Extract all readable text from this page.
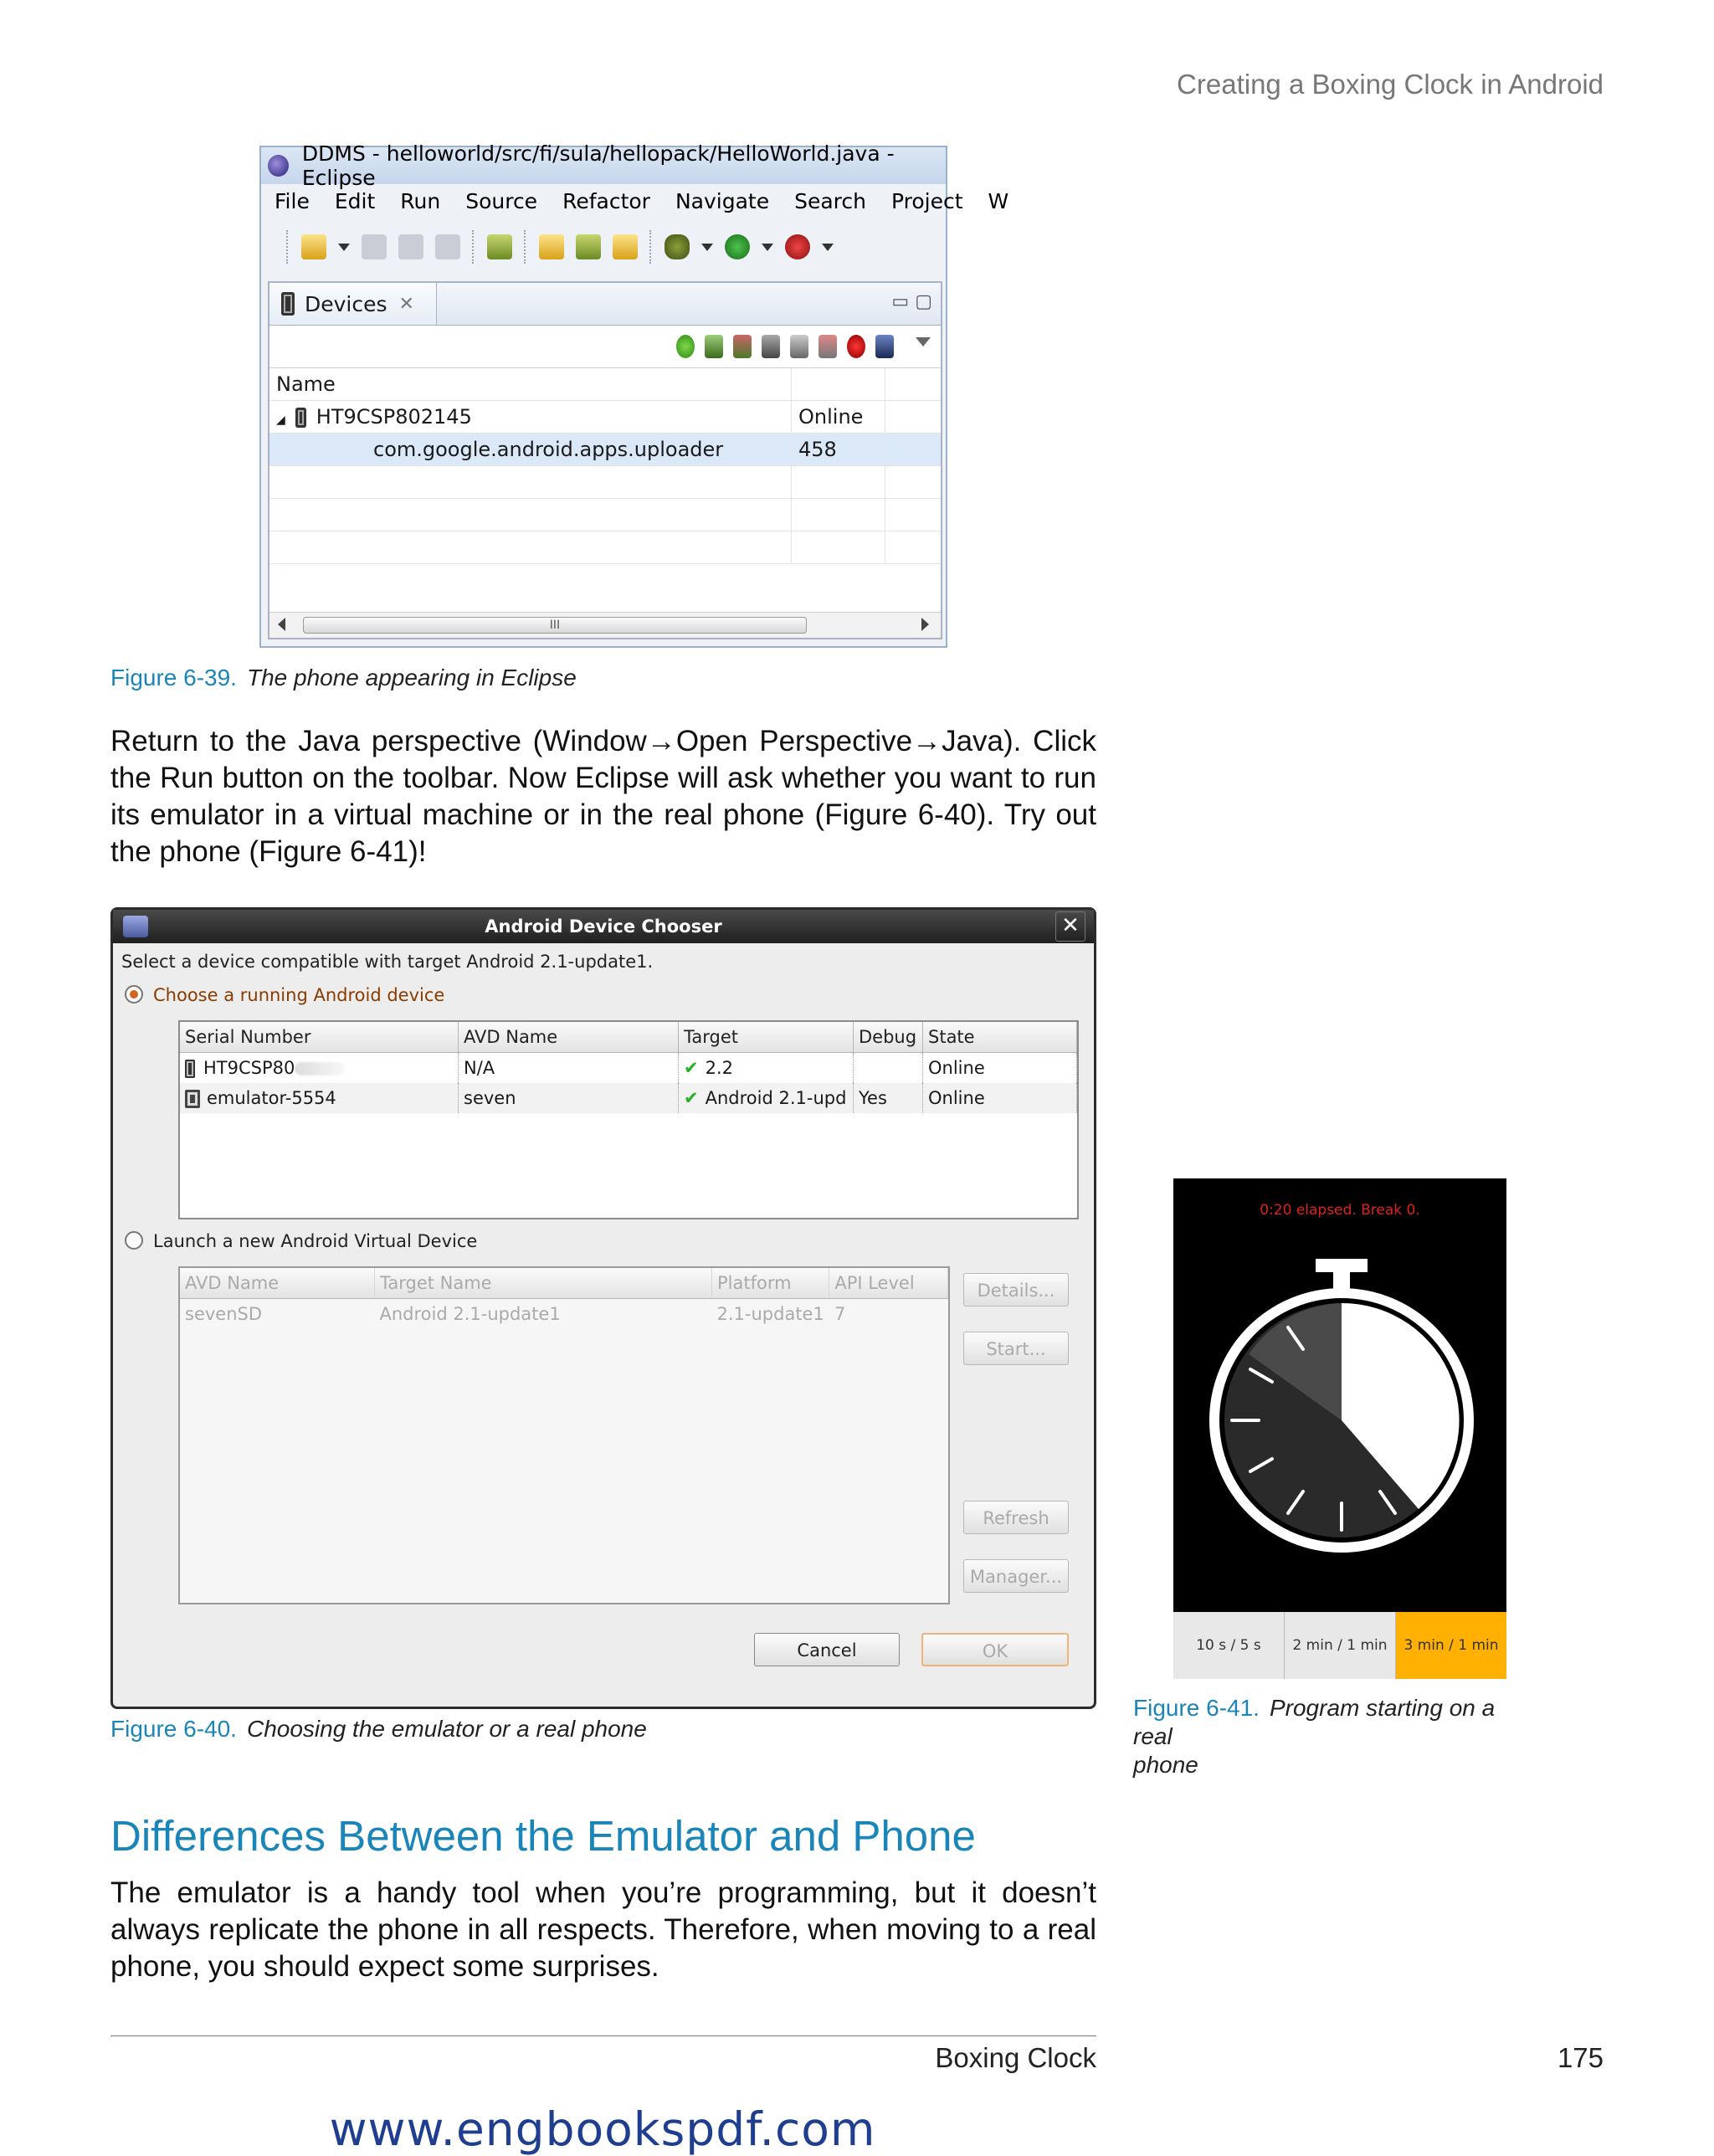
Creating a Boxing Clock in Android
DDMS - helloworld/src/fi/sula/hellopack/HelloWorld.java - Eclipse
File Edit Run Source Refactor Navigate Search Project W
Devices ✕	▭ ▢
Name		
◢ HT9CSP802145	Online	
com.google.android.apps.uploader	458	

III
Figure 6-39. The phone appearing in Eclipse
Return to the Java perspective (Window→Open Perspective→Java). Click the Run button on the toolbar. Now Eclipse will ask whether you want to run its emulator in a virtual machine or in the real phone (Figure 6-40). Try out the phone (Figure 6-41)!
Android Device Chooser	✕
Select a device compatible with target Android 2.1-update1.
Choose a running Android device
Serial Number	AVD Name	Target	Debug	State
HT9CSP80	N/A	✔ 2.2		Online
emulator-5554	seven	✔ Android 2.1-upd	Yes	Online
Launch a new Android Virtual Device
AVD Name	Target Name	Platform	API Level
sevenSD	Android 2.1-update1	2.1-update1	7
Details...
Start...
Refresh
Manager...
Cancel	OK
Figure 6-40. Choosing the emulator or a real phone
0:20 elapsed. Break 0.
10 s / 5 s	2 min / 1 min	3 min / 1 min
Figure 6-41. Program starting on a real
phone
Differences Between the Emulator and Phone
The emulator is a handy tool when you’re programming, but it doesn’t always replicate the phone in all respects. Therefore, when moving to a real phone, you should expect some surprises.
Boxing Clock	175
www.engbookspdf.com
